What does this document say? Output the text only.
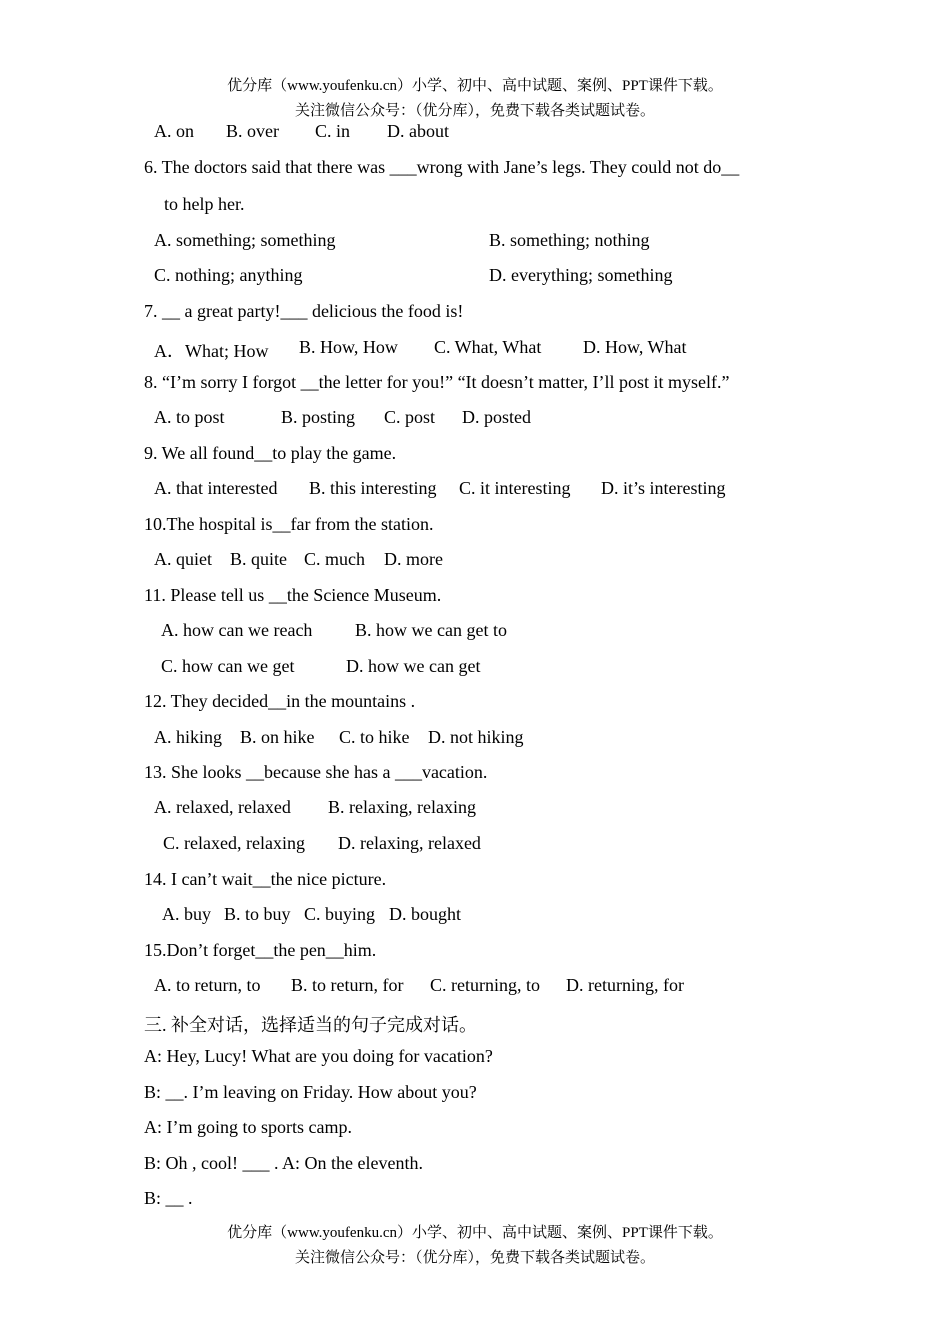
优分库（www.youfenku.cn）小学、初中、高中试题、案例、PPT课件下载。
关注微信公众号：（优分库），免费下载各类试题试卷。
A. on B. over C. in D. about
6. The doctors said that there was ___wrong with Jane’s legs. They could not do__
to help her.
A. something; something	B. something; nothing
C. nothing; anything	D. everything; something
7. __ a great party!___ delicious the food is!
A．What; How B. How, How C. What, What D. How, What
8. “I’m sorry I forgot __the letter for you!” “It doesn’t matter, I’ll post it myself.”
A. to post	B. posting C. post D. posted
9. We all found__to play the game.
A. that interested B. this interesting C. it interesting D. it’s interesting
10.The hospital is__far from the station.
A. quiet B. quite C. much D. more
11. Please tell us __the Science Museum.
A. how can we reach B. how we can get to
C. how can we get	D. how we can get
12. They decided__in the mountains .
A. hiking B. on hike C. to hike D. not hiking
13. She looks __because she has a ___vacation.
A. relaxed, relaxed B. relaxing, relaxing
C. relaxed, relaxing D. relaxing, relaxed
14. I can’t wait__the nice picture.
A. buy B. to buy C. buying D. bought
15.Don’t forget__the pen__him.
A. to return, to B. to return, for C. returning, to D. returning, for
三. 补全对话，选择适当的句子完成对话。
A: Hey, Lucy! What are you doing for vacation?
B: __. I’m leaving on Friday. How about you?
A: I’m going to sports camp.
B: Oh , cool! ___ . A: On the eleventh.
B: __ .
优分库（www.youfenku.cn）小学、初中、高中试题、案例、PPT课件下载。
关注微信公众号：（优分库），免费下载各类试题试卷。
